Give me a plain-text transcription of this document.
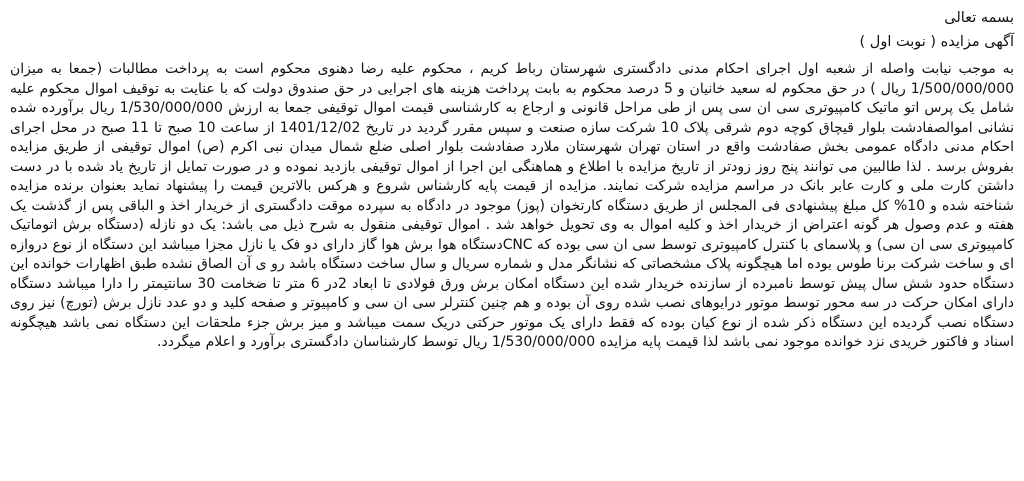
بسمه تعالی
آگهی مزایده ( نوبت اول )

به موجب نیابت واصله از شعبه اول اجرای احکام مدنی دادگستری شهرستان رباط کریم ، محکوم علیه رضا دهنوی محکوم است به پرداخت مطالبات (جمعا به میزان 1/500/000/000 ریال ) در حق محکوم له سعید خانیان و 5 درصد محکوم به بابت پرداخت هزینه های اجرایی در حق صندوق دولت که با عنایت به توقیف اموال محکوم علیه شامل یک پرس اتو ماتیک کامپیوتری سی ان سی پس از طی مراحل قانونی و ارجاع به کارشناسی قیمت اموال توقیفی جمعا به ارزش 1/530/000/000 ریال برآورده شده نشانی اموالصفادشت بلوار قیچاق کوچه دوم شرقی پلاک 10 شرکت سازه صنعت و سپس مقرر گردید در تاریخ 1401/12/02 از ساعت 10 صبح تا 11 صبح در محل اجرای احکام مدنی دادگاه عمومی بخش صفادشت واقع در استان تهران شهرستان ملارد صفادشت بلوار اصلی ضلع شمال میدان نبی اکرم (ص) اموال توقیفی از طریق مزایده بفروش برسد . لذا طالبین می توانند پنج روز زودتر از تاریخ مزایده با اطلاع و هماهنگی این اجرا از اموال توقیفی بازدید نموده و در صورت تمایل از تاریخ یاد شده با در دست داشتن کارت ملی و کارت عابر بانک در مراسم مزایده شرکت نمایند. مزایده از قیمت پایه کارشناس شروع و هرکس بالاترین قیمت را پیشنهاد نماید بعنوان برنده مزایده شناخته شده و 10% کل مبلغ پیشنهادی فی المجلس از طریق دستگاه کارتخوان (پوز) موجود در دادگاه به سپرده موقت دادگستری از خریدار اخذ و الباقی پس از گذشت یک هفته و عدم وصول هر گونه اعتراض از خریدار اخذ و کلیه اموال به وی تحویل خواهد شد . اموال توقیفی منقول به شرح ذیل می باشد: یک دو نازله (دستگاه برش اتوماتیک کامپیوتری سی ان سی) و پلاسمای با کنترل کامپیوتری توسط سی ان سی بوده که CNCدستگاه هوا برش هوا گاز دارای دو فک یا نازل مجزا میباشد این دستگاه از نوع دروازه ای و ساخت شرکت برنا طوس بوده اما هیچگونه پلاک مشخصاتی که نشانگر مدل و شماره سریال و سال ساخت دستگاه باشد رو ی آن الصاق نشده طبق اظهارات خوانده این دستگاه حدود شش سال پیش توسط نامبرده از سازنده خریدار شده این دستگاه امکان برش ورق فولادی تا ابعاد 2در 6 متر تا ضخامت 30 سانتیمتر را دارا میباشد دستگاه دارای امکان حرکت در سه محور توسط موتور درایوهای نصب شده روی آن بوده و هم چنین کنترلر سی ان سی و کامپیوتر و صفحه کلید و دو عدد نازل برش (تورچ) نیز روی دستگاه نصب گردیده این دستگاه ذکر شده از نوع کیان بوده که فقط دارای یک موتور حرکتی دریک سمت میباشد و میز برش جزء ملحقات این دستگاه نمی باشد هیچگونه اسناد و فاکتور خریدی نزد خوانده موجود نمی باشد لذا قیمت پایه مزایده 1/530/000/000 ریال توسط کارشناسان دادگستری برآورد و اعلام میگردد.
